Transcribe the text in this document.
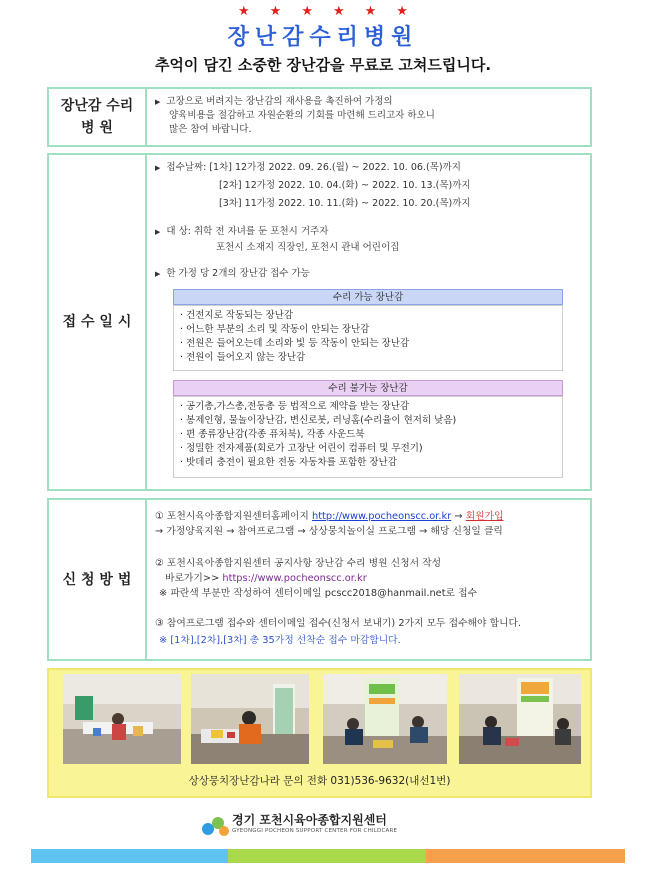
★★★★★★
장난감수리병원
추억이 담긴 소중한 장난감을 무료로 고쳐드립니다.
장난감 수리
병 원
▶ 고장으로 버려지는 장난감의 재사용을 촉진하여 가정의
양육비용을 절감하고 자원순환의 기회를 마련해 드리고자 하오니
많은 참여 바랍니다.
접 수 일 시
▶ 접수날짜: [1차] 12가정 2022. 09. 26.(월) ~ 2022. 10. 06.(목)까지
[2차] 12가정 2022. 10. 04.(화) ~ 2022. 10. 13.(목)까지
[3차] 11가정 2022. 10. 11.(화) ~ 2022. 10. 20.(목)까지
▶ 대 상: 취학 전 자녀를 둔 포천시 거주자
포천시 소재지 직장인, 포천시 관내 어린이집
▶ 한 가정 당 2개의 장난감 접수 가능
수리 가능 장난감
· 건전지로 작동되는 장난감
· 어느한 부분의 소리 및 작동이 안되는 장난감
· 전원은 들어오는데 소리와 빛 등 작동이 안되는 장난감
· 전원이 들어오지 않는 장난감
수리 불가능 장난감
· 공기총,가스총,전동총 등 법적으로 제약을 받는 장난감
· 봉제인형, 물놀이장난감, 변신로봇, 러닝홈(수리율이 현저히 낮음)
· 편 종류장난감(각종 퓨처북), 각종 사운드북
· 정밀한 전자제품(회로가 고장난 어린이 컴퓨터 및 무전기)
· 밧데리 충전이 필요한 전동 자동차를 포함한 장난감
신 청 방 법
① 포천시육아종합지원센터홈페이지 http://www.pocheonscc.or.kr → 회원가입
→ 가정양육지원 → 참여프로그램 → 상상뭉치놀이실 프로그램 → 해당 신청일 클릭
② 포천시육아종합지원센터 공지사항 장난감 수리 병원 신청서 작성
바로가기>> https://www.pocheonscc.or.kr
※ 파란색 부분만 작성하여 센터이메일 pcscc2018@hanmail.net로 접수
③ 참여프로그램 접수와 센터이메일 접수(신청서 보내기) 2가지 모두 접수해야 합니다.
※ [1차],[2차],[3차] 총 35가정 선착순 접수 마감합니다.
상상뭉치장난감나라 문의 전화 031)536-9632(내선1번)
경기 포천시육아종합지원센터
GYEONGGI POCHEON SUPPORT CENTER FOR CHILDCARE
